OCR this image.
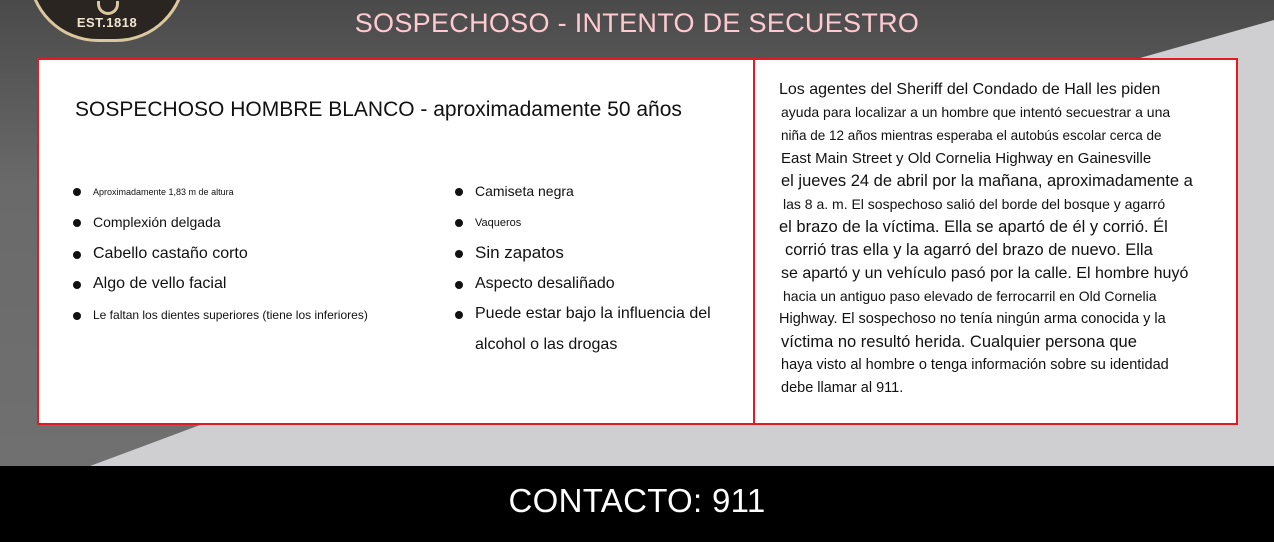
EST.1818	SOSPECHOSO - INTENTO DE SECUESTRO
SOSPECHOSO HOMBRE BLANCO - aproximadamente 50 años
Aproximadamente 1,83 m de altura
Complexión delgada
Cabello castaño corto
Algo de vello facial
Le faltan los dientes superiores (tiene los inferiores)
Camiseta negra
Vaqueros
Sin zapatos
Aspecto desaliñado
Puede estar bajo la influencia del
alcohol o las drogas
Los agentes del Sheriff del Condado de Hall les piden
ayuda para localizar a un hombre que intentó secuestrar a una
niña de 12 años mientras esperaba el autobús escolar cerca de
East Main Street y Old Cornelia Highway en Gainesville
el jueves 24 de abril por la mañana, aproximadamente a
las 8 a. m. El sospechoso salió del borde del bosque y agarró
el brazo de la víctima. Ella se apartó de él y corrió. Él
corrió tras ella y la agarró del brazo de nuevo. Ella
se apartó y un vehículo pasó por la calle. El hombre huyó
hacia un antiguo paso elevado de ferrocarril en Old Cornelia
Highway. El sospechoso no tenía ningún arma conocida y la
víctima no resultó herida. Cualquier persona que
haya visto al hombre o tenga información sobre su identidad
debe llamar al 911.
CONTACTO: 911
